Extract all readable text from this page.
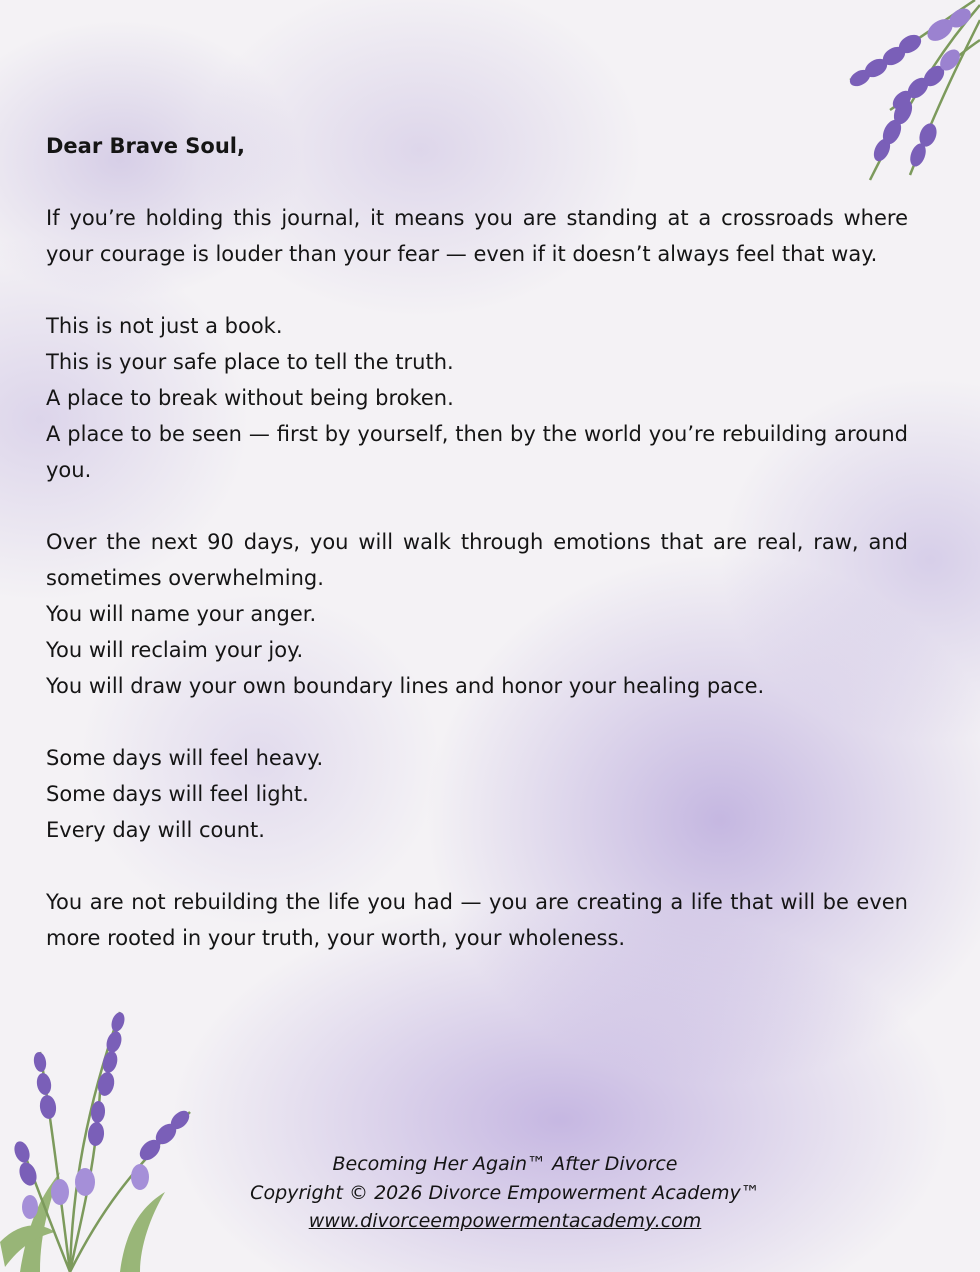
Dear Brave Soul,

If you’re holding this journal, it means you are standing at a crossroads where your courage is louder than your fear — even if it doesn’t always feel that way.

This is not just a book.
This is your safe place to tell the truth.
A place to break without being broken.
A place to be seen — first by yourself, then by the world you’re rebuilding around you.

Over the next 90 days, you will walk through emotions that are real, raw, and sometimes overwhelming.
You will name your anger.
You will reclaim your joy.
You will draw your own boundary lines and honor your healing pace.

Some days will feel heavy.
Some days will feel light.
Every day will count.

You are not rebuilding the life you had — you are creating a life that will be even more rooted in your truth, your worth, your wholeness.

Becoming Her Again™ After Divorce
Copyright © 2026 Divorce Empowerment Academy™
www.divorceempowermentacademy.com
